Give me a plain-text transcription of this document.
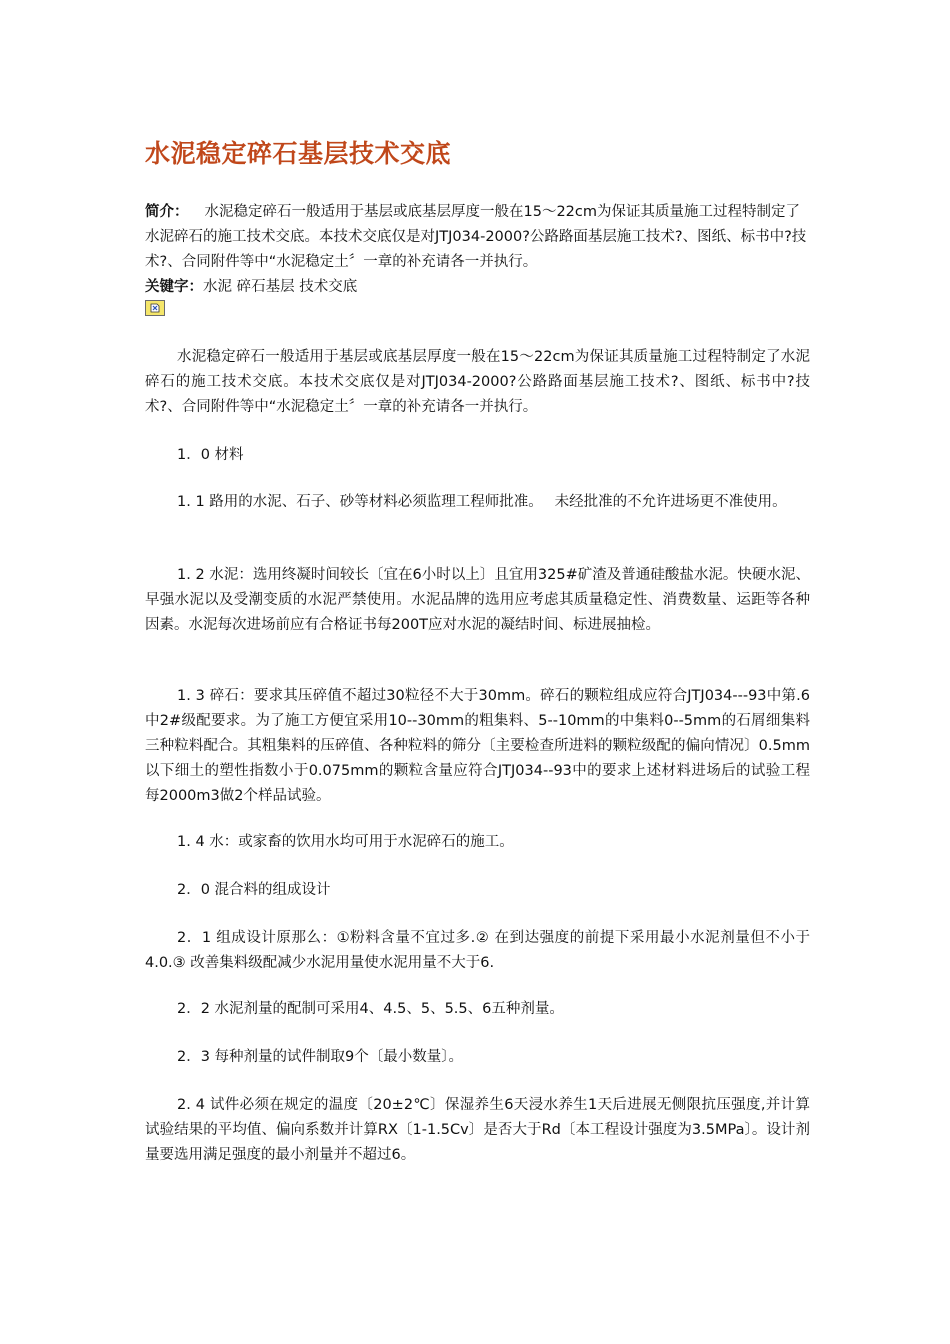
水泥稳定碎石基层技术交底
简介： 水泥稳定碎石一般适用于基层或底基层厚度一般在15～22cm为保证其质量施工过程特制定了水泥碎石的施工技术交底。本技术交底仅是对JTJ034-2000?公路路面基层施工技术?、图纸、标书中?技术?、合同附件等中“水泥稳定土〞一章的补充请各一并执行。
关键字：水泥 碎石基层 技术交底
水泥稳定碎石一般适用于基层或底基层厚度一般在15～22cm为保证其质量施工过程特制定了水泥碎石的施工技术交底。本技术交底仅是对JTJ034-2000?公路路面基层施工技术?、图纸、标书中?技术?、合同附件等中“水泥稳定土〞一章的补充请各一并执行。
1．0 材料
1. 1 路用的水泥、石子、砂等材料必须监理工程师批准。　 未经批准的不允许进场更不准使用。
1. 2 水泥：选用终凝时间较长〔宜在6小时以上〕且宜用325#矿渣及普通硅酸盐水泥。快硬水泥、早强水泥以及受潮变质的水泥严禁使用。水泥品牌的选用应考虑其质量稳定性、消费数量、运距等各种因素。水泥每次进场前应有合格证书每200T应对水泥的凝结时间、标进展抽检。
1. 3 碎石：要求其压碎值不超过30粒径不大于30mm。碎石的颗粒组成应符合JTJ034---93中第.6中2#级配要求。为了施工方便宜采用10--30mm的粗集料、5--10mm的中集料0--5mm的石屑细集料三种粒料配合。其粗集料的压碎值、各种粒料的筛分〔主要检查所进料的颗粒级配的偏向情况〕0.5mm以下细土的塑性指数小于0.075mm的颗粒含量应符合JTJ034--93中的要求上述材料进场后的试验工程每2000m3做2个样品试验。
1. 4 水：或家畜的饮用水均可用于水泥碎石的施工。
2．0 混合料的组成设计
2．1 组成设计原那么：①粉料含量不宜过多.② 在到达强度的前提下采用最小水泥剂量但不小于4.0.③ 改善集料级配减少水泥用量使水泥用量不大于6.
2．2 水泥剂量的配制可采用4、4.5、5、5.5、6五种剂量。
2．3 每种剂量的试件制取9个〔最小数量〕。
2. 4 试件必须在规定的温度〔20±2℃〕保湿养生6天浸水养生1天后进展无侧限抗压强度,并计算试验结果的平均值、偏向系数并计算RX〔1-1.5Cv〕是否大于Rd〔本工程设计强度为3.5MPa〕。设计剂量要选用满足强度的最小剂量并不超过6。
